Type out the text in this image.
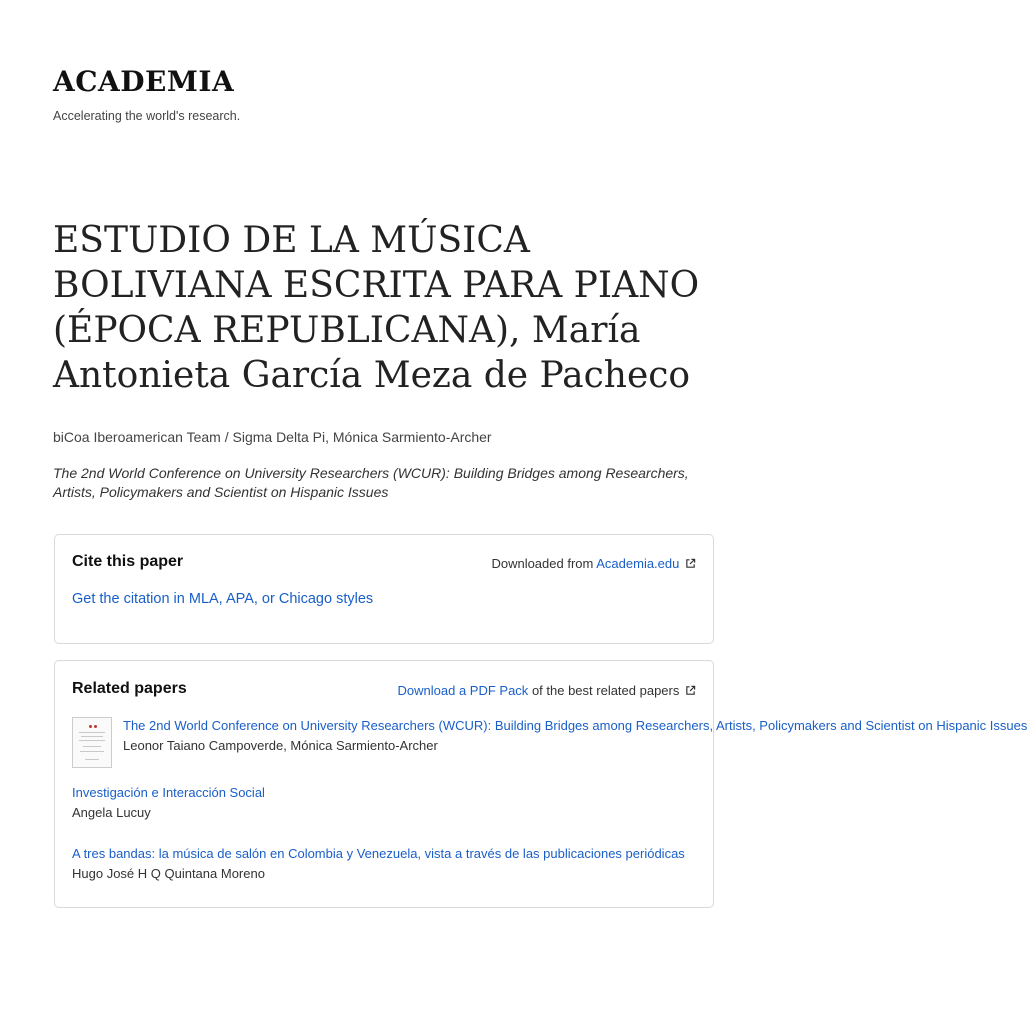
ACADEMIA
Accelerating the world's research.
ESTUDIO DE LA MÚSICA BOLIVIANA ESCRITA PARA PIANO (ÉPOCA REPUBLICANA), María Antonieta García Meza de Pacheco
biCoa Iberoamerican Team / Sigma Delta Pi, Mónica Sarmiento-Archer
The 2nd World Conference on University Researchers (WCUR): Building Bridges among Researchers, Artists, Policymakers and Scientist on Hispanic Issues
Cite this paper	Downloaded from Academia.edu
Get the citation in MLA, APA, or Chicago styles
Related papers	Download a PDF Pack of the best related papers
The 2nd World Conference on University Researchers (WCUR): Building Bridges among Researchers, Artists, Policymakers and Scientist on Hispanic Issues
Leonor Taiano Campoverde, Mónica Sarmiento-Archer
Investigación e Interacción Social
Angela Lucuy
A tres bandas: la música de salón en Colombia y Venezuela, vista a través de las publicaciones periódicas
Hugo José H Q Quintana Moreno
